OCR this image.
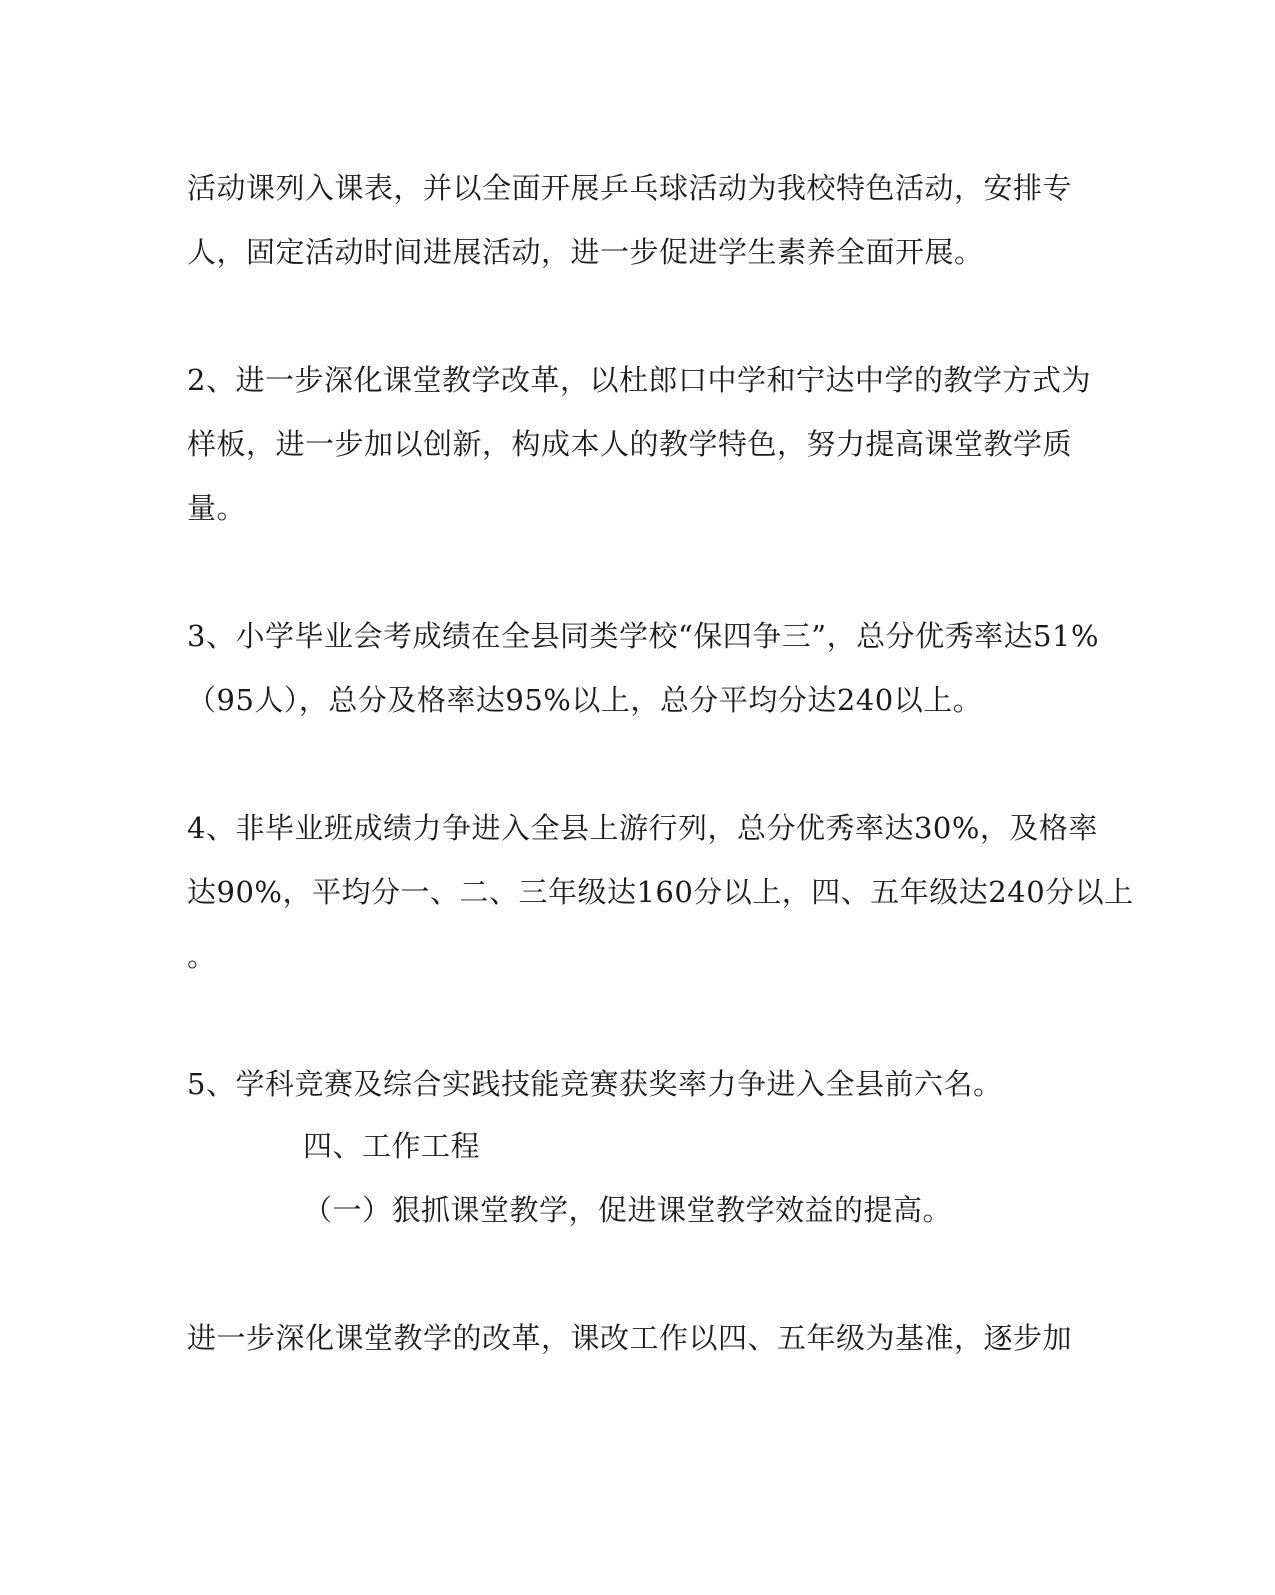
活动课列入课表，并以全面开展乒乓球活动为我校特色活动，安排专
人，固定活动时间进展活动，进一步促进学生素养全面开展。
2、进一步深化课堂教学改革，以杜郎口中学和宁达中学的教学方式为
样板，进一步加以创新，构成本人的教学特色，努力提高课堂教学质
量。
3、小学毕业会考成绩在全县同类学校“保四争三”，总分优秀率达51%
（95人），总分及格率达95%以上，总分平均分达240以上。
4、非毕业班成绩力争进入全县上游行列，总分优秀率达30%，及格率
达90%，平均分一、二、三年级达160分以上，四、五年级达240分以上
。
5、学科竞赛及综合实践技能竞赛获奖率力争进入全县前六名。
四、工作工程
（一）狠抓课堂教学，促进课堂教学效益的提高。
进一步深化课堂教学的改革，课改工作以四、五年级为基准，逐步加
